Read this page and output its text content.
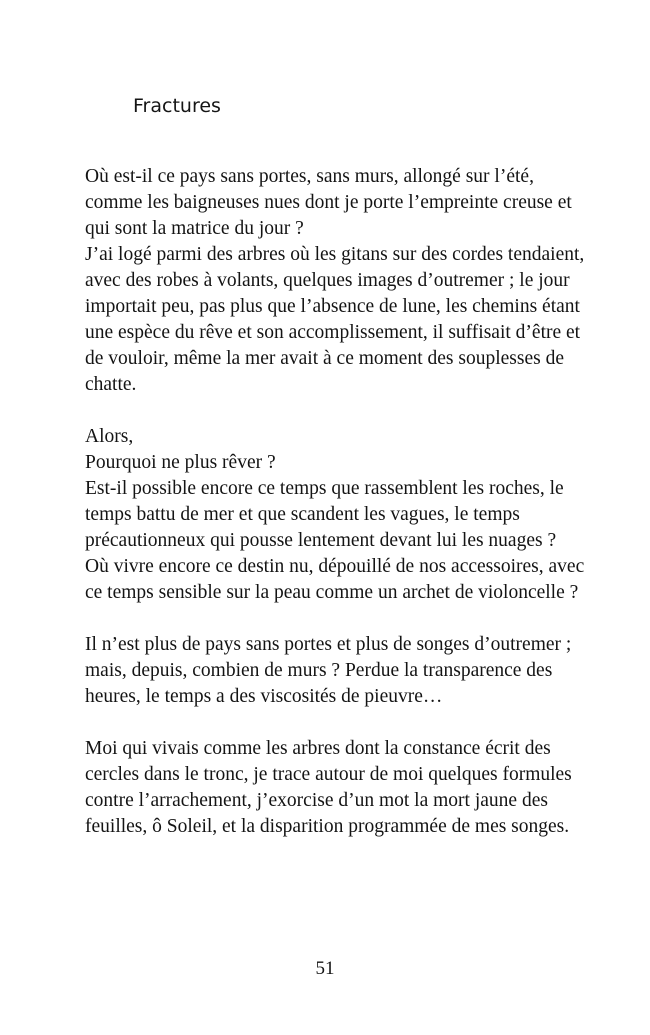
Fractures

Où est-il ce pays sans portes, sans murs, allongé sur l’été,
comme les baigneuses nues dont je porte l’empreinte creuse et
qui sont la matrice du jour ?
J’ai logé parmi des arbres où les gitans sur des cordes tendaient,
avec des robes à volants, quelques images d’outremer ; le jour
importait peu, pas plus que l’absence de lune, les chemins étant
une espèce du rêve et son accomplissement, il suffisait d’être et
de vouloir, même la mer avait à ce moment des souplesses de
chatte.

Alors,
Pourquoi ne plus rêver ?
Est-il possible encore ce temps que rassemblent les roches, le
temps battu de mer et que scandent les vagues, le temps
précautionneux qui pousse lentement devant lui les nuages ?
Où vivre encore ce destin nu, dépouillé de nos accessoires, avec
ce temps sensible sur la peau comme un archet de violoncelle ?

Il n’est plus de pays sans portes et plus de songes d’outremer ;
mais, depuis, combien de murs ? Perdue la transparence des
heures, le temps a des viscosités de pieuvre…

Moi qui vivais comme les arbres dont la constance écrit des
cercles dans le tronc, je trace autour de moi quelques formules
contre l’arrachement, j’exorcise d’un mot la mort jaune des
feuilles, ô Soleil, et la disparition programmée de mes songes.

51
